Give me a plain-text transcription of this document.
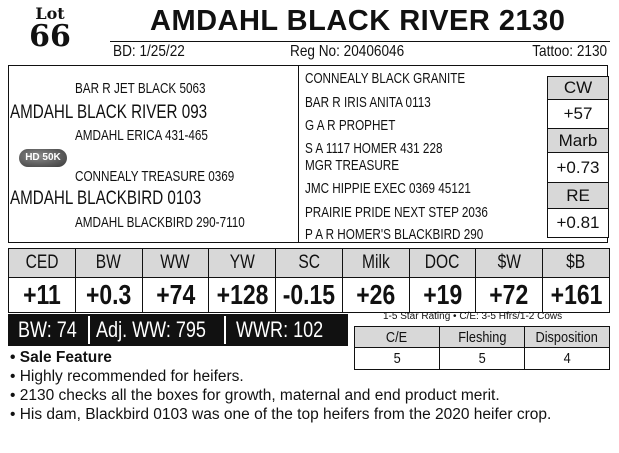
Lot
66	AMDAHL BLACK RIVER 2130
BD: 1/25/22	Reg No: 20406046	Tattoo: 2130
BAR R JET BLACK 5063
AMDAHL BLACK RIVER 093
AMDAHL ERICA 431-465
HD 50K
CONNEALY TREASURE 0369
AMDAHL BLACKBIRD 0103
AMDAHL BLACKBIRD 290-7110
CONNEALY BLACK GRANITE
BAR R IRIS ANITA 0113
G A R PROPHET
S A 1117 HOMER 431 228
MGR TREASURE
JMC HIPPIE EXEC 0369 45121
PRAIRIE PRIDE NEXT STEP 2036
P A R HOMER'S BLACKBIRD 290
CW
+57
Marb
+0.73
RE
+0.81
CED	BW	WW	YW	SC	Milk	DOC	$W	$B
+11	+0.3	+74	+128	-0.15	+26	+19	+72	+161
BW: 74 Adj. WW: 795 WWR: 102
1-5 Star Rating • C/E: 3-5 Hfrs/1-2 Cows
C/E	Fleshing	Disposition
5	5	4
• Sale Feature
• Highly recommended for heifers.
• 2130 checks all the boxes for growth, maternal and end product merit.
• His dam, Blackbird 0103 was one of the top heifers from the 2020 heifer crop.
